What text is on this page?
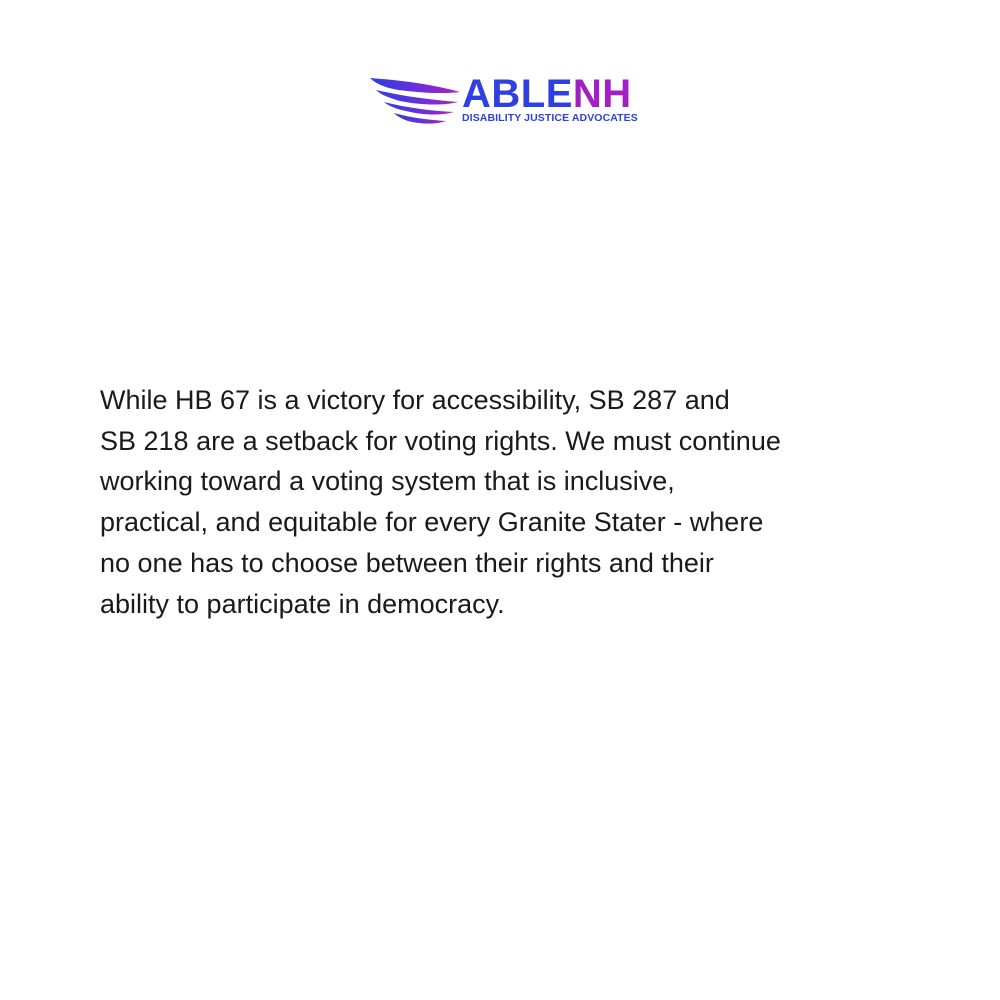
ABLENH
DISABILITY JUSTICE ADVOCATES

While HB 67 is a victory for accessibility, SB 287 and
SB 218 are a setback for voting rights. We must continue
working toward a voting system that is inclusive,
practical, and equitable for every Granite Stater - where
no one has to choose between their rights and their
ability to participate in democracy.
